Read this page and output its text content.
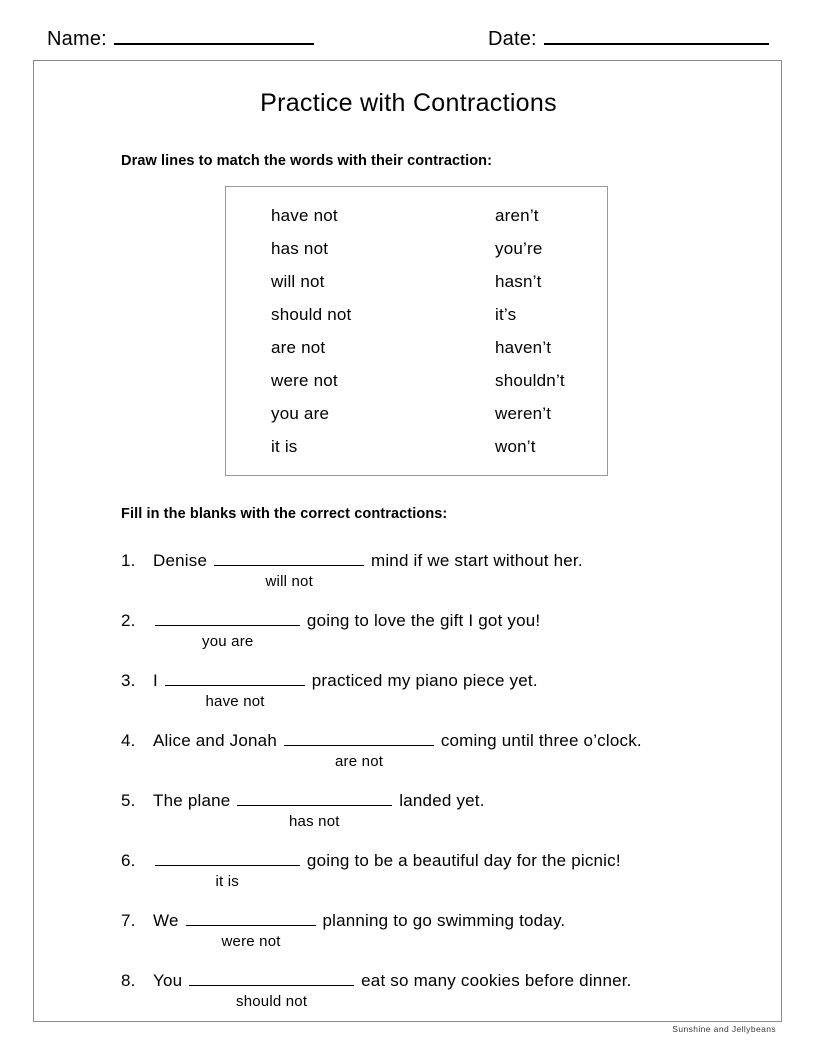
Name:	Date:
Practice with Contractions
Draw lines to match the words with their contraction:
have not	aren’t
has not	you’re
will not	hasn’t
should not	it’s
are not	haven’t
were not	shouldn’t
you are	weren’t
it is	won’t
Fill in the blanks with the correct contractions:
1. Denise	mind if we start without her.
will not
2.	going to love the gift I got you!
you are
3. I	practiced my piano piece yet.
have not
4. Alice and Jonah	coming until three o’clock.
are not
5. The plane	landed yet.
has not
6.	going to be a beautiful day for the picnic!
it is
7. We	planning to go swimming today.
were not
8. You	eat so many cookies before dinner.
should not
Sunshine and Jellybeans
